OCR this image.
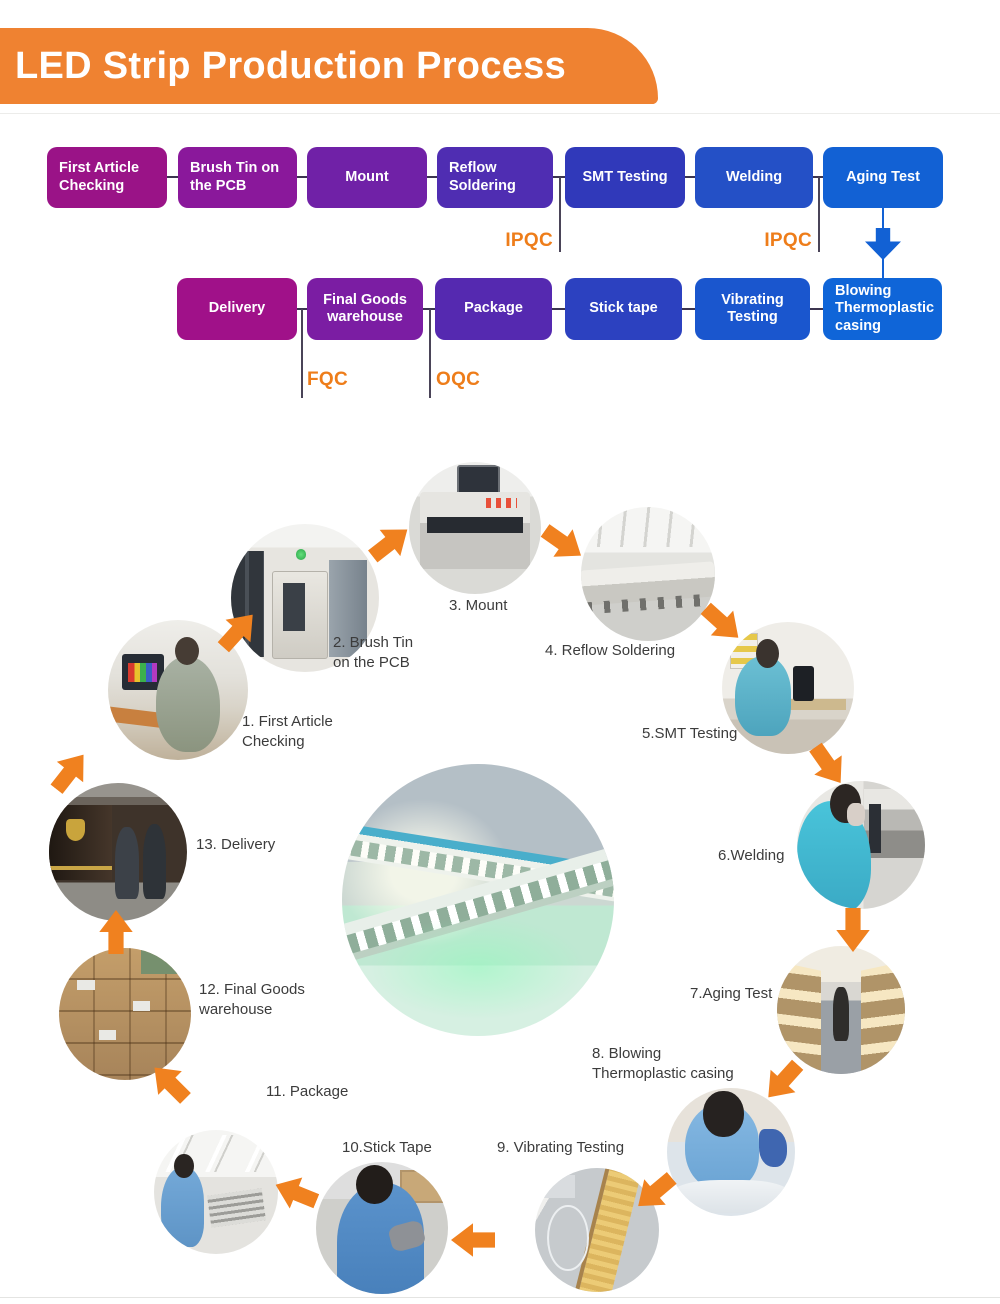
LED Strip Production Process
First Article Checking
Brush Tin on the PCB
Mount
Reflow Soldering
SMT Testing	Welding	Aging Test
Delivery
Final Goods warehouse
Package	Stick tape
Vibrating Testing
Blowing Thermoplastic casing
IPQC	IPQC
FQC	OQC
1. First Article Checking
2. Brush Tin on the PCB
3. Mount
4. Reflow Soldering
5.SMT Testing
6.Welding
7.Aging Test
8. Blowing Thermoplastic casing
9. Vibrating Testing
10.Stick Tape
11. Package
12. Final Goods warehouse
13. Delivery
